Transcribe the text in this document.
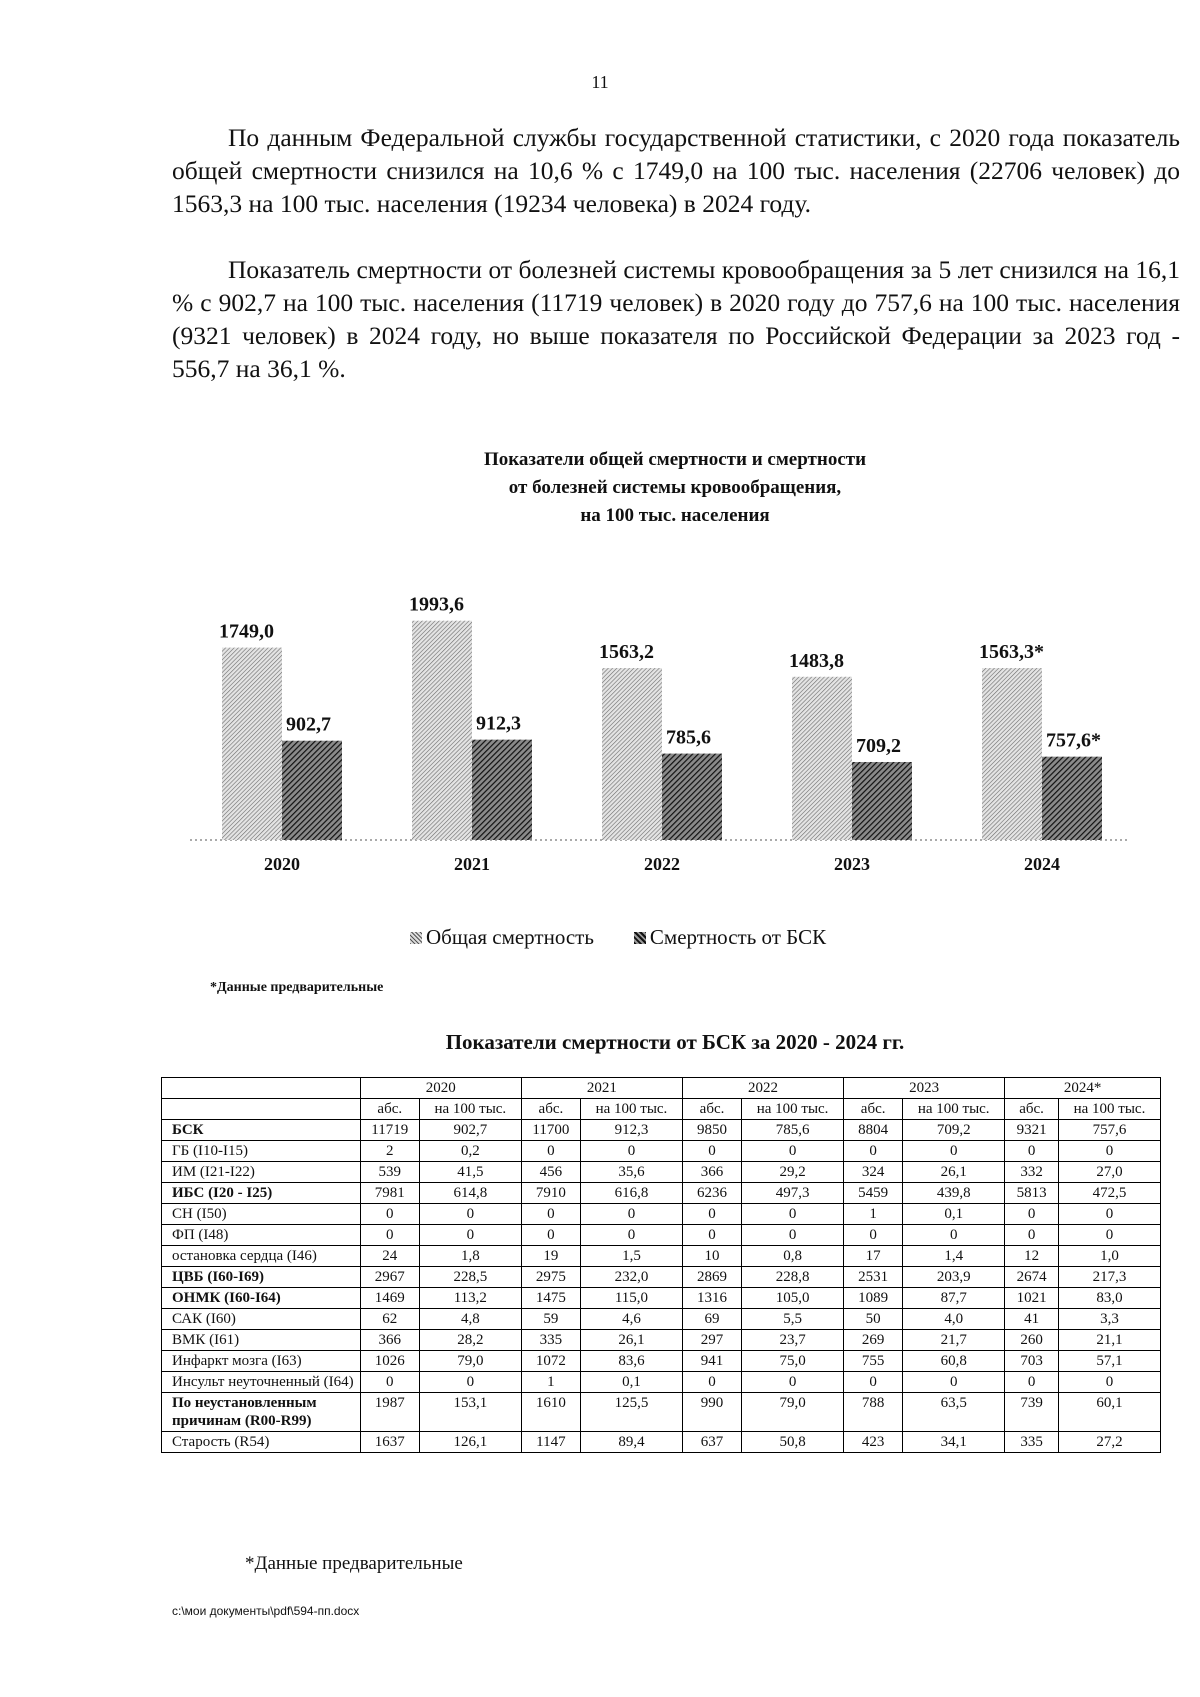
11

По данным Федеральной службы государственной статистики, с 2020 года показатель общей смертности снизился на 10,6 % с 1749,0 на 100 тыс. населения (22706 человек) до 1563,3 на 100 тыс. населения (19234 человека) в 2024 году.

Показатель смертности от болезней системы кровообращения за 5 лет снизился на 16,1 % с 902,7 на 100 тыс. населения (11719 человек) в 2020 году до 757,6 на 100 тыс. населения (9321 человек) в 2024 году, но выше показателя по Российской Федерации за 2023 год - 556,7 на 36,1 %.

Показатели общей смертности и смертности
от болезней системы кровообращения,
на 100 тыс. населения
1749,0
902,7
2020
1993,6
912,3
2021
1563,2
785,6
2022
1483,8
709,2
2023
1563,3*
757,6*
2024
Общая смертность	Смертность от БСК
*Данные предварительные
Показатели смертности от БСК за 2020 - 2024 гг.
	2020		2021		2022		2023		2024*	
	абс.	на 100 тыс.	абс.	на 100 тыс.	абс.	на 100 тыс.	абс.	на 100 тыс.	абс.	на 100 тыс.
БСК	11719	902,7	11700	912,3	9850	785,6	8804	709,2	9321	757,6
ГБ (I10-I15)	2	0,2	0	0	0	0	0	0	0	0
ИМ (I21-I22)	539	41,5	456	35,6	366	29,2	324	26,1	332	27,0
ИБС (I20 - I25)	7981	614,8	7910	616,8	6236	497,3	5459	439,8	5813	472,5
СН (I50)	0	0	0	0	0	0	1	0,1	0	0
ФП (I48)	0	0	0	0	0	0	0	0	0	0
остановка сердца (I46)	24	1,8	19	1,5	10	0,8	17	1,4	12	1,0
ЦВБ (I60-I69)	2967	228,5	2975	232,0	2869	228,8	2531	203,9	2674	217,3
ОНМК (I60-I64)	1469	113,2	1475	115,0	1316	105,0	1089	87,7	1021	83,0
САК (I60)	62	4,8	59	4,6	69	5,5	50	4,0	41	3,3
ВМК (I61)	366	28,2	335	26,1	297	23,7	269	21,7	260	21,1
Инфаркт мозга (I63)	1026	79,0	1072	83,6	941	75,0	755	60,8	703	57,1
Инсульт неуточненный (I64)	0	0	1	0,1	0	0	0	0	0	0
По неустановленным причинам (R00-R99)	1987	153,1	1610	125,5	990	79,0	788	63,5	739	60,1
Старость (R54)	1637	126,1	1147	89,4	637	50,8	423	34,1	335	27,2
*Данные предварительные
c:\мои документы\pdf\594-пп.docx
